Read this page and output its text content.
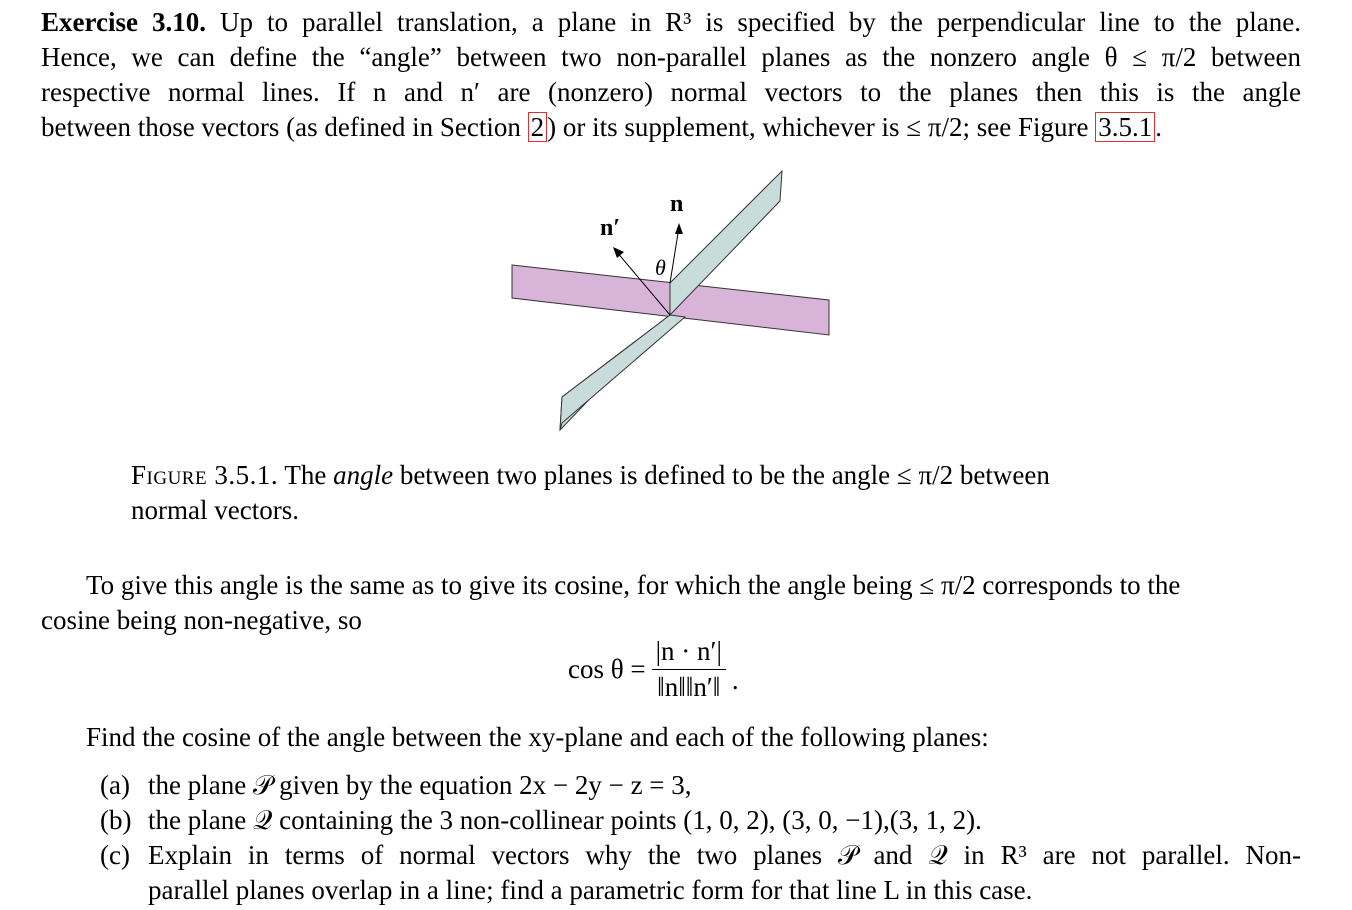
Exercise 3.10. Up to parallel translation, a plane in R³ is specified by the perpendicular line to the plane.
Hence, we can define the “angle” between two non-parallel planes as the nonzero angle θ ≤ π/2 between
respective normal lines. If n and n′ are (nonzero) normal vectors to the planes then this is the angle
between those vectors (as defined in Section 2 ) or its supplement, whichever is ≤ π/2; see Figure 3.5.1 .
n
n′
θ
Figure 3.5.1. The angle between two planes is defined to be the angle ≤ π/2 between
normal vectors.
To give this angle is the same as to give its cosine, for which the angle being ≤ π/2 corresponds to the
cosine being non-negative, so
$\cos \theta = \frac{|n \cdot n'|}{‖n‖‖n'‖}$ .
Find the cosine of the angle between the xy-plane and each of the following planes:
(a) the plane 𝒫 given by the equation 2x − 2y − z = 3,
(b) the plane 𝒬 containing the 3 non-collinear points (1, 0, 2), (3, 0, −1),(3, 1, 2).
(c) Explain in terms of normal vectors why the two planes 𝒫 and 𝒬 in R³ are not parallel. Non-
parallel planes overlap in a line; find a parametric form for that line L in this case.
